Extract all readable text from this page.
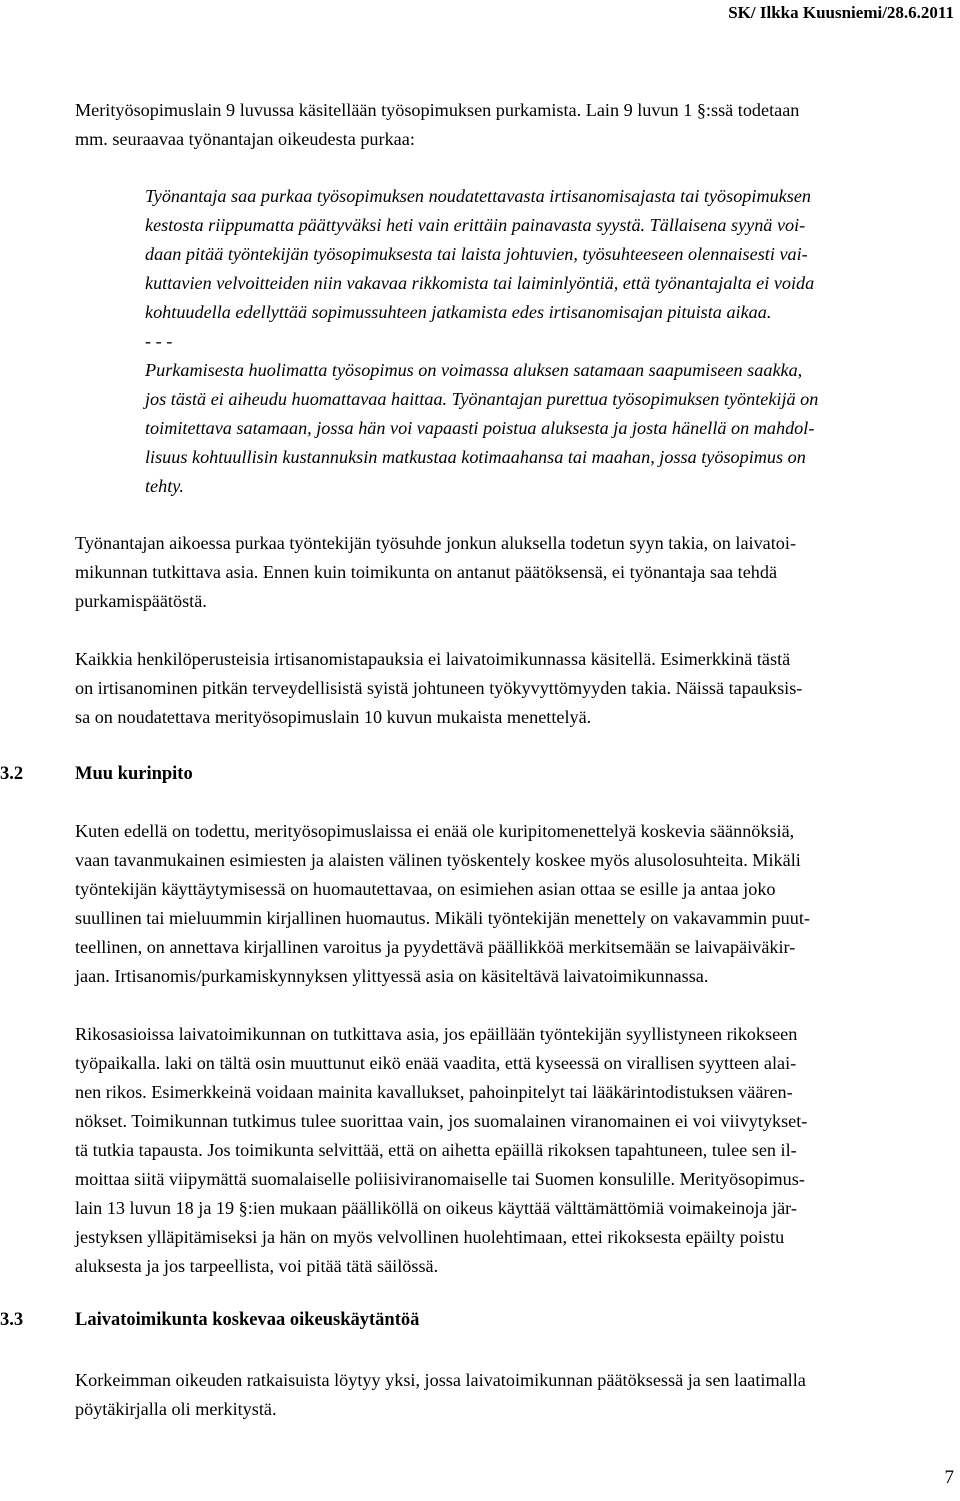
SK/ Ilkka Kuusniemi/28.6.2011
Merityösopimuslain 9 luvussa käsitellään työsopimuksen purkamista. Lain 9 luvun 1 §:ssä todetaan
mm. seuraavaa työnantajan oikeudesta purkaa:
Työnantaja saa purkaa työsopimuksen noudatettavasta irtisanomisajasta tai työsopimuksen
kestosta riippumatta päättyväksi heti vain erittäin painavasta syystä. Tällaisena syynä voi-
daan pitää työntekijän työsopimuksesta tai laista johtuvien, työsuhteeseen olennaisesti vai-
kuttavien velvoitteiden niin vakavaa rikkomista tai laiminlyöntiä, että työnantajalta ei voida
kohtuudella edellyttää sopimussuhteen jatkamista edes irtisanomisajan pituista aikaa.
- - -
Purkamisesta huolimatta työsopimus on voimassa aluksen satamaan saapumiseen saakka,
jos tästä ei aiheudu huomattavaa haittaa. Työnantajan purettua työsopimuksen työntekijä on
toimitettava satamaan, jossa hän voi vapaasti poistua aluksesta ja josta hänellä on mahdol-
lisuus kohtuullisin kustannuksin matkustaa kotimaahansa tai maahan, jossa työsopimus on
tehty.
Työnantajan aikoessa purkaa työntekijän työsuhde jonkun aluksella todetun syyn takia, on laivatoi-
mikunnan tutkittava asia. Ennen kuin toimikunta on antanut päätöksensä, ei työnantaja saa tehdä
purkamispäätöstä.
Kaikkia henkilöperusteisia irtisanomistapauksia ei laivatoimikunnassa käsitellä. Esimerkkinä tästä
on irtisanominen pitkän terveydellisistä syistä johtuneen työkyvyttömyyden takia. Näissä tapauksis-
sa on noudatettava merityösopimuslain 10 kuvun mukaista menettelyä.
3.2	Muu kurinpito
Kuten edellä on todettu, merityösopimuslaissa ei enää ole kuripitomenettelyä koskevia säännöksiä,
vaan tavanmukainen esimiesten ja alaisten välinen työskentely koskee myös alusolosuhteita. Mikäli
työntekijän käyttäytymisessä on huomautettavaa, on esimiehen asian ottaa se esille ja antaa joko
suullinen tai mieluummin kirjallinen huomautus. Mikäli työntekijän menettely on vakavammin puut-
teellinen, on annettava kirjallinen varoitus ja pyydettävä päällikköä merkitsemään se laivapäiväkir-
jaan. Irtisanomis/purkamiskynnyksen ylittyessä asia on käsiteltävä laivatoimikunnassa.
Rikosasioissa laivatoimikunnan on tutkittava asia, jos epäillään työntekijän syyllistyneen rikokseen
työpaikalla. laki on tältä osin muuttunut eikö enää vaadita, että kyseessä on virallisen syytteen alai-
nen rikos. Esimerkkeinä voidaan mainita kavallukset, pahoinpitelyt tai lääkärintodistuksen väären-
nökset. Toimikunnan tutkimus tulee suorittaa vain, jos suomalainen viranomainen ei voi viivytykset-
tä tutkia tapausta. Jos toimikunta selvittää, että on aihetta epäillä rikoksen tapahtuneen, tulee sen il-
moittaa siitä viipymättä suomalaiselle poliisiviranomaiselle tai Suomen konsulille. Merityösopimus-
lain 13 luvun 18 ja 19 §:ien mukaan päälliköllä on oikeus käyttää välttämättömiä voimakeinoja jär-
jestyksen ylläpitämiseksi ja hän on myös velvollinen huolehtimaan, ettei rikoksesta epäilty poistu
aluksesta ja jos tarpeellista, voi pitää tätä säilössä.
3.3	Laivatoimikunta koskevaa oikeuskäytäntöä
Korkeimman oikeuden ratkaisuista löytyy yksi, jossa laivatoimikunnan päätöksessä ja sen laatimalla
pöytäkirjalla oli merkitystä.
7
